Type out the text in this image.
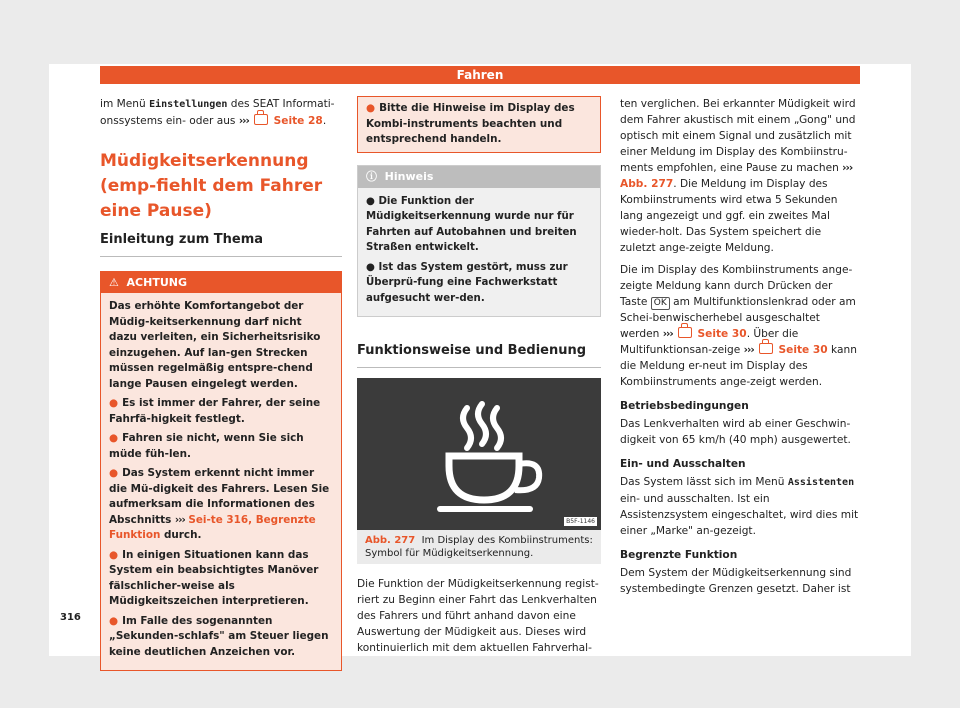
Fahren

im Menü Einstellungen des SEAT Informati-onssystems ein- oder aus ››› Seite 28.

Müdigkeitserkennung (emp-fiehlt dem Fahrer eine Pause)
Einleitung zum Thema
⚠ ACHTUNG

Das erhöhte Komfortangebot der Müdig-keitserkennung darf nicht dazu verleiten, ein Sicherheitsrisiko einzugehen. Auf lan-gen Strecken müssen regelmäßig entspre-chend lange Pausen eingelegt werden.

● Es ist immer der Fahrer, der seine Fahrfä-higkeit festlegt.

● Fahren sie nicht, wenn Sie sich müde füh-len.

● Das System erkennt nicht immer die Mü-digkeit des Fahrers. Lesen Sie aufmerksam die Informationen des Abschnitts ››› Sei-te 316, Begrenzte Funktion durch.

● In einigen Situationen kann das System ein beabsichtigtes Manöver fälschlicher-weise als Müdigkeitszeichen interpretieren.

● Im Falle des sogenannten „Sekunden-schlafs" am Steuer liegen keine deutlichen Anzeichen vor.

● Bitte die Hinweise im Display des Kombi-instruments beachten und entsprechend handeln.
ⓘ Hinweis

● Die Funktion der Müdigkeitserkennung wurde nur für Fahrten auf Autobahnen und breiten Straßen entwickelt.

● Ist das System gestört, muss zur Überprü-fung eine Fachwerkstatt aufgesucht wer-den.

Funktionsweise und Bedienung
B5F-1146
Abb. 277 Im Display des Kombiinstruments: Symbol für Müdigkeitserkennung.

Die Funktion der Müdigkeitserkennung regist-riert zu Beginn einer Fahrt das Lenkverhalten des Fahrers und führt anhand davon eine Auswertung der Müdigkeit aus. Dieses wird kontinuierlich mit dem aktuellen Fahrverhal-

ten verglichen. Bei erkannter Müdigkeit wird dem Fahrer akustisch mit einem „Gong" und optisch mit einem Signal und zusätzlich mit einer Meldung im Display des Kombiinstru-ments empfohlen, eine Pause zu machen ››› Abb. 277. Die Meldung im Display des Kombiinstruments wird etwa 5 Sekunden lang angezeigt und ggf. ein zweites Mal wieder-holt. Das System speichert die zuletzt ange-zeigte Meldung.

Die im Display des Kombiinstruments ange-zeigte Meldung kann durch Drücken der Taste OK am Multifunktionslenkrad oder am Schei-benwischerhebel ausgeschaltet werden ››› Seite 30. Über die Multifunktionsan-zeige ››› Seite 30 kann die Meldung er-neut im Display des Kombiinstruments ange-zeigt werden.

Betriebsbedingungen

Das Lenkverhalten wird ab einer Geschwin-digkeit von 65 km/h (40 mph) ausgewertet.

Ein- und Ausschalten

Das System lässt sich im Menü Assistenten ein- und ausschalten. Ist ein Assistenzsystem eingeschaltet, wird dies mit einer „Marke" an-gezeigt.

Begrenzte Funktion

Dem System der Müdigkeitserkennung sind systembedingte Grenzen gesetzt. Daher ist

316
